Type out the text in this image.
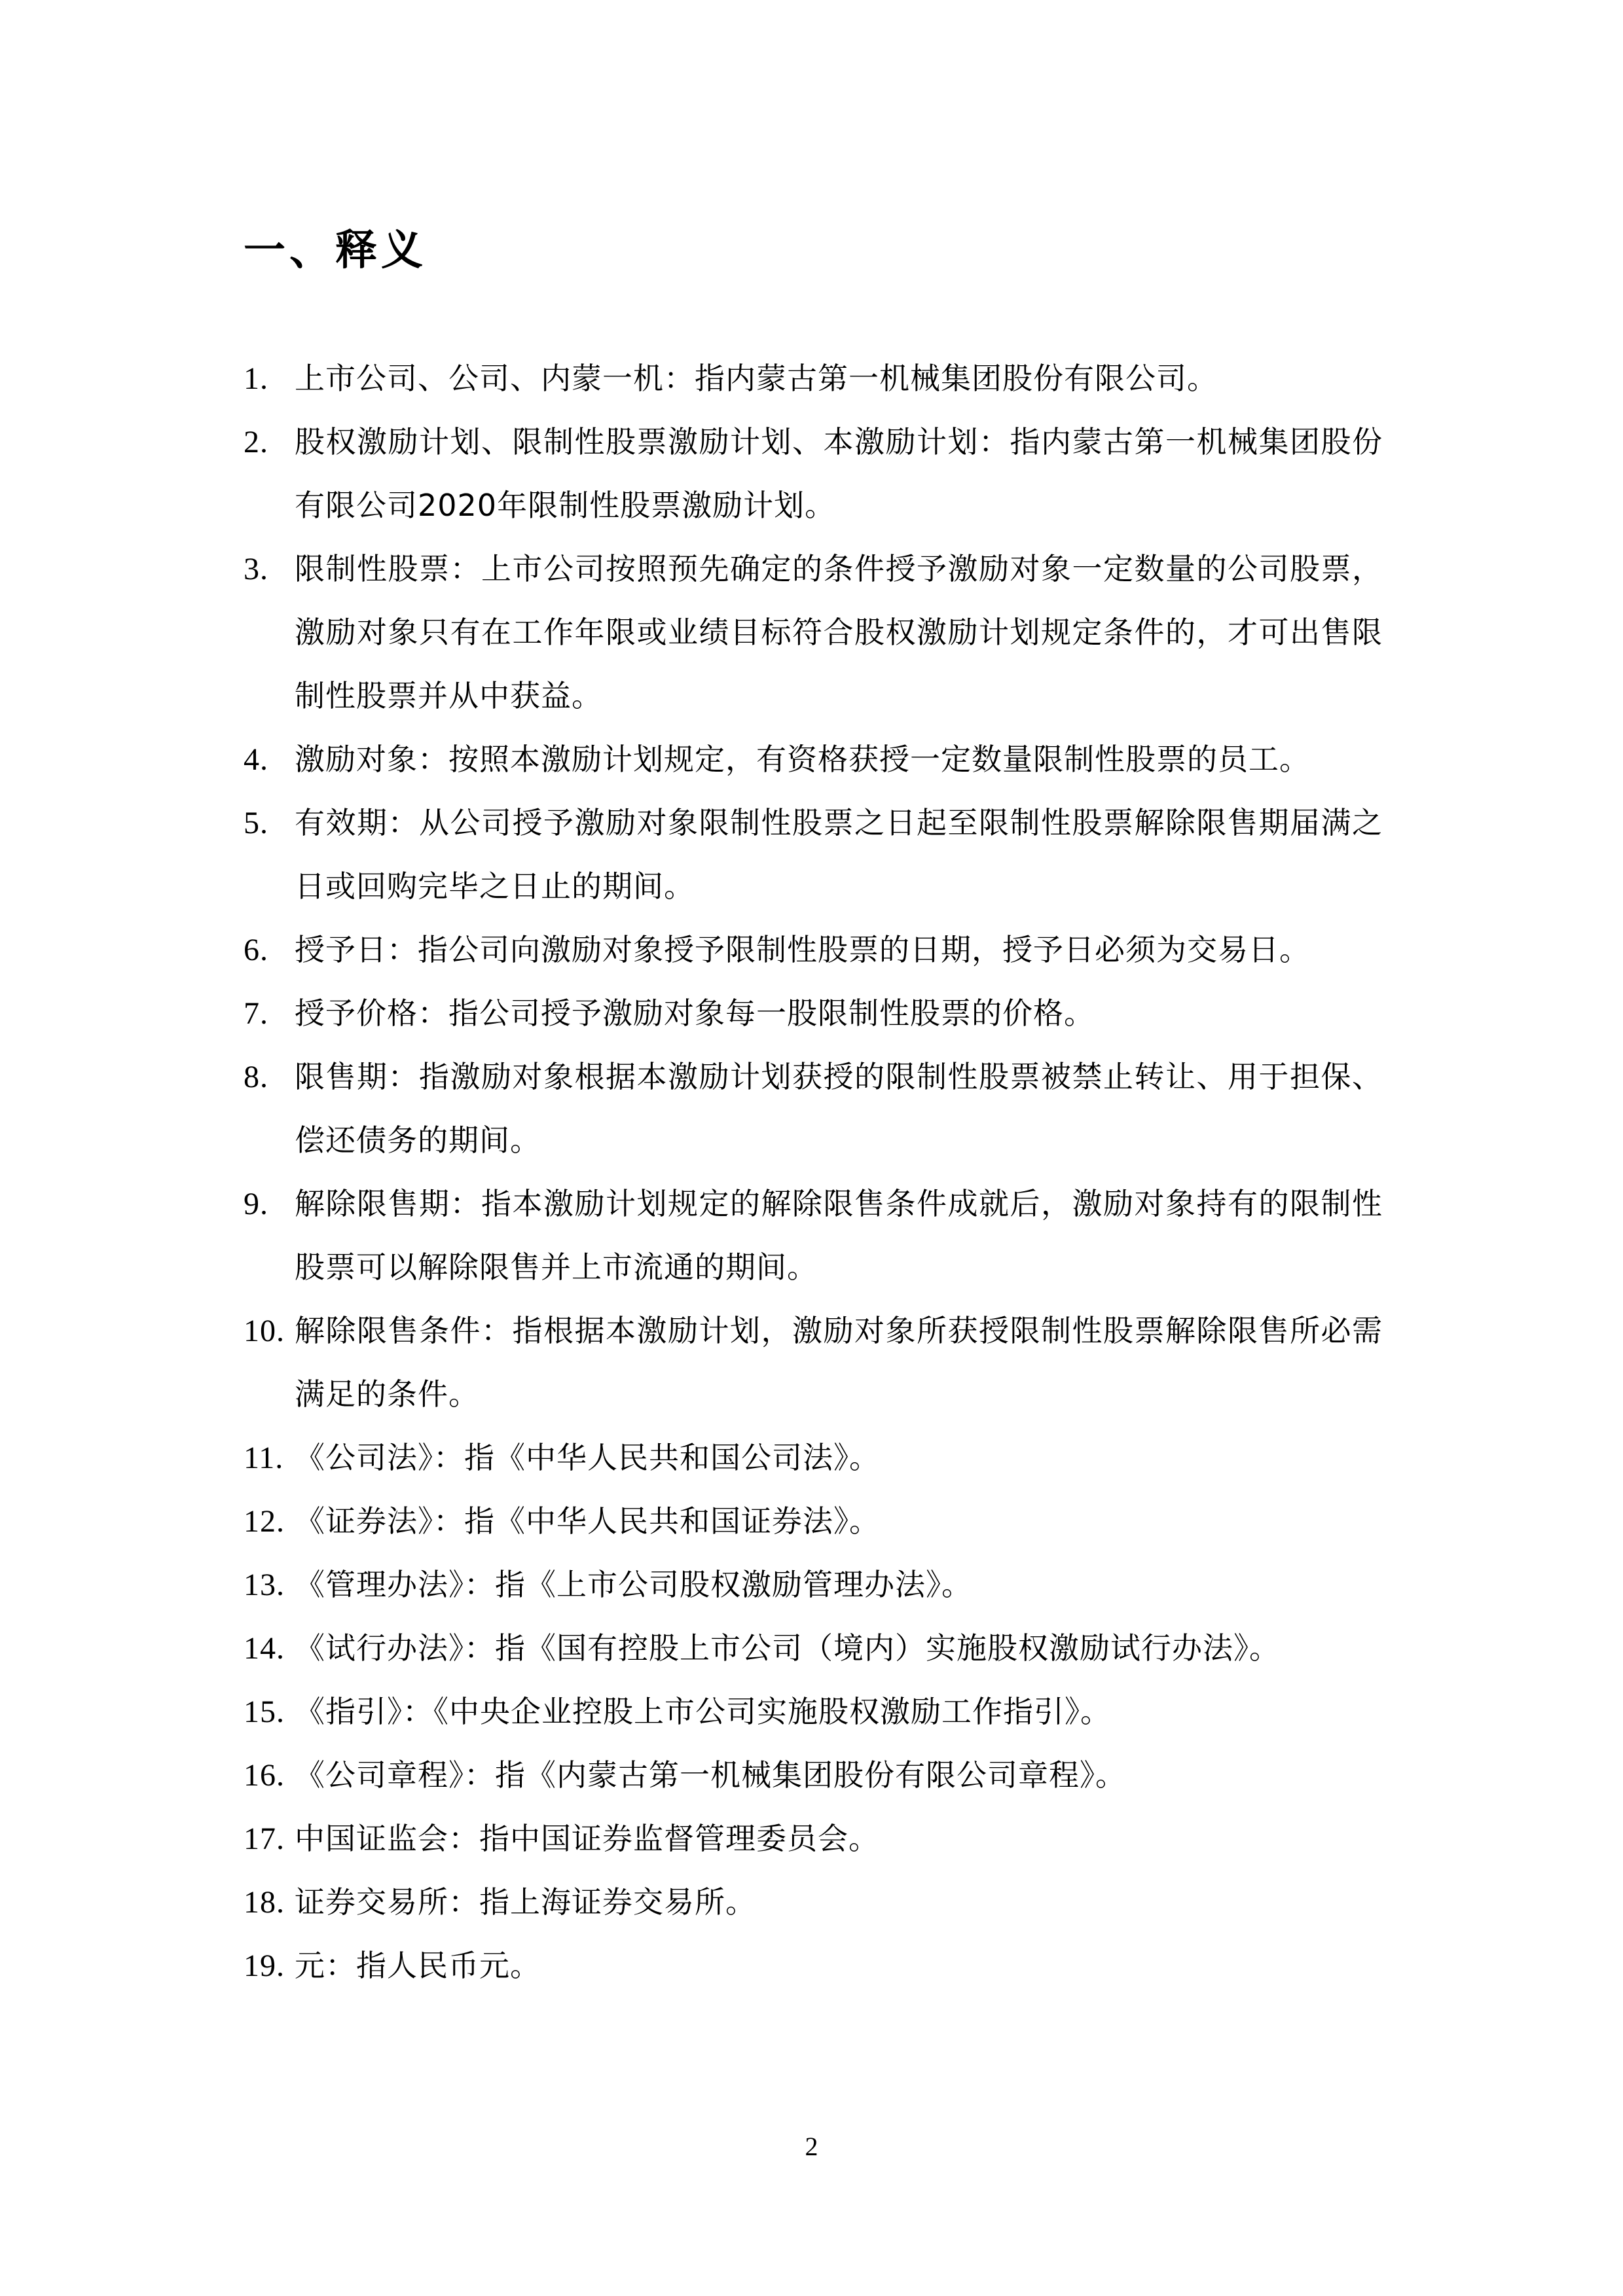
一、释义
1. 上市公司、公司、内蒙一机：指内蒙古第一机械集团股份有限公司。
2. 股权激励计划、限制性股票激励计划、本激励计划：指内蒙古第一机械集团股份有限公司2020年限制性股票激励计划。
3. 限制性股票：上市公司按照预先确定的条件授予激励对象一定数量的公司股票，激励对象只有在工作年限或业绩目标符合股权激励计划规定条件的，才可出售限制性股票并从中获益。
4. 激励对象：按照本激励计划规定，有资格获授一定数量限制性股票的员工。
5. 有效期：从公司授予激励对象限制性股票之日起至限制性股票解除限售期届满之日或回购完毕之日止的期间。
6. 授予日：指公司向激励对象授予限制性股票的日期，授予日必须为交易日。
7. 授予价格：指公司授予激励对象每一股限制性股票的价格。
8. 限售期：指激励对象根据本激励计划获授的限制性股票被禁止转让、用于担保、偿还债务的期间。
9. 解除限售期：指本激励计划规定的解除限售条件成就后，激励对象持有的限制性股票可以解除限售并上市流通的期间。
10. 解除限售条件：指根据本激励计划，激励对象所获授限制性股票解除限售所必需满足的条件。
11. 《公司法》：指《中华人民共和国公司法》。
12. 《证券法》：指《中华人民共和国证券法》。
13. 《管理办法》：指《上市公司股权激励管理办法》。
14. 《试行办法》：指《国有控股上市公司（境内）实施股权激励试行办法》。
15. 《指引》：《中央企业控股上市公司实施股权激励工作指引》。
16. 《公司章程》：指《内蒙古第一机械集团股份有限公司章程》。
17. 中国证监会：指中国证券监督管理委员会。
18. 证券交易所：指上海证券交易所。
19. 元：指人民币元。
2
